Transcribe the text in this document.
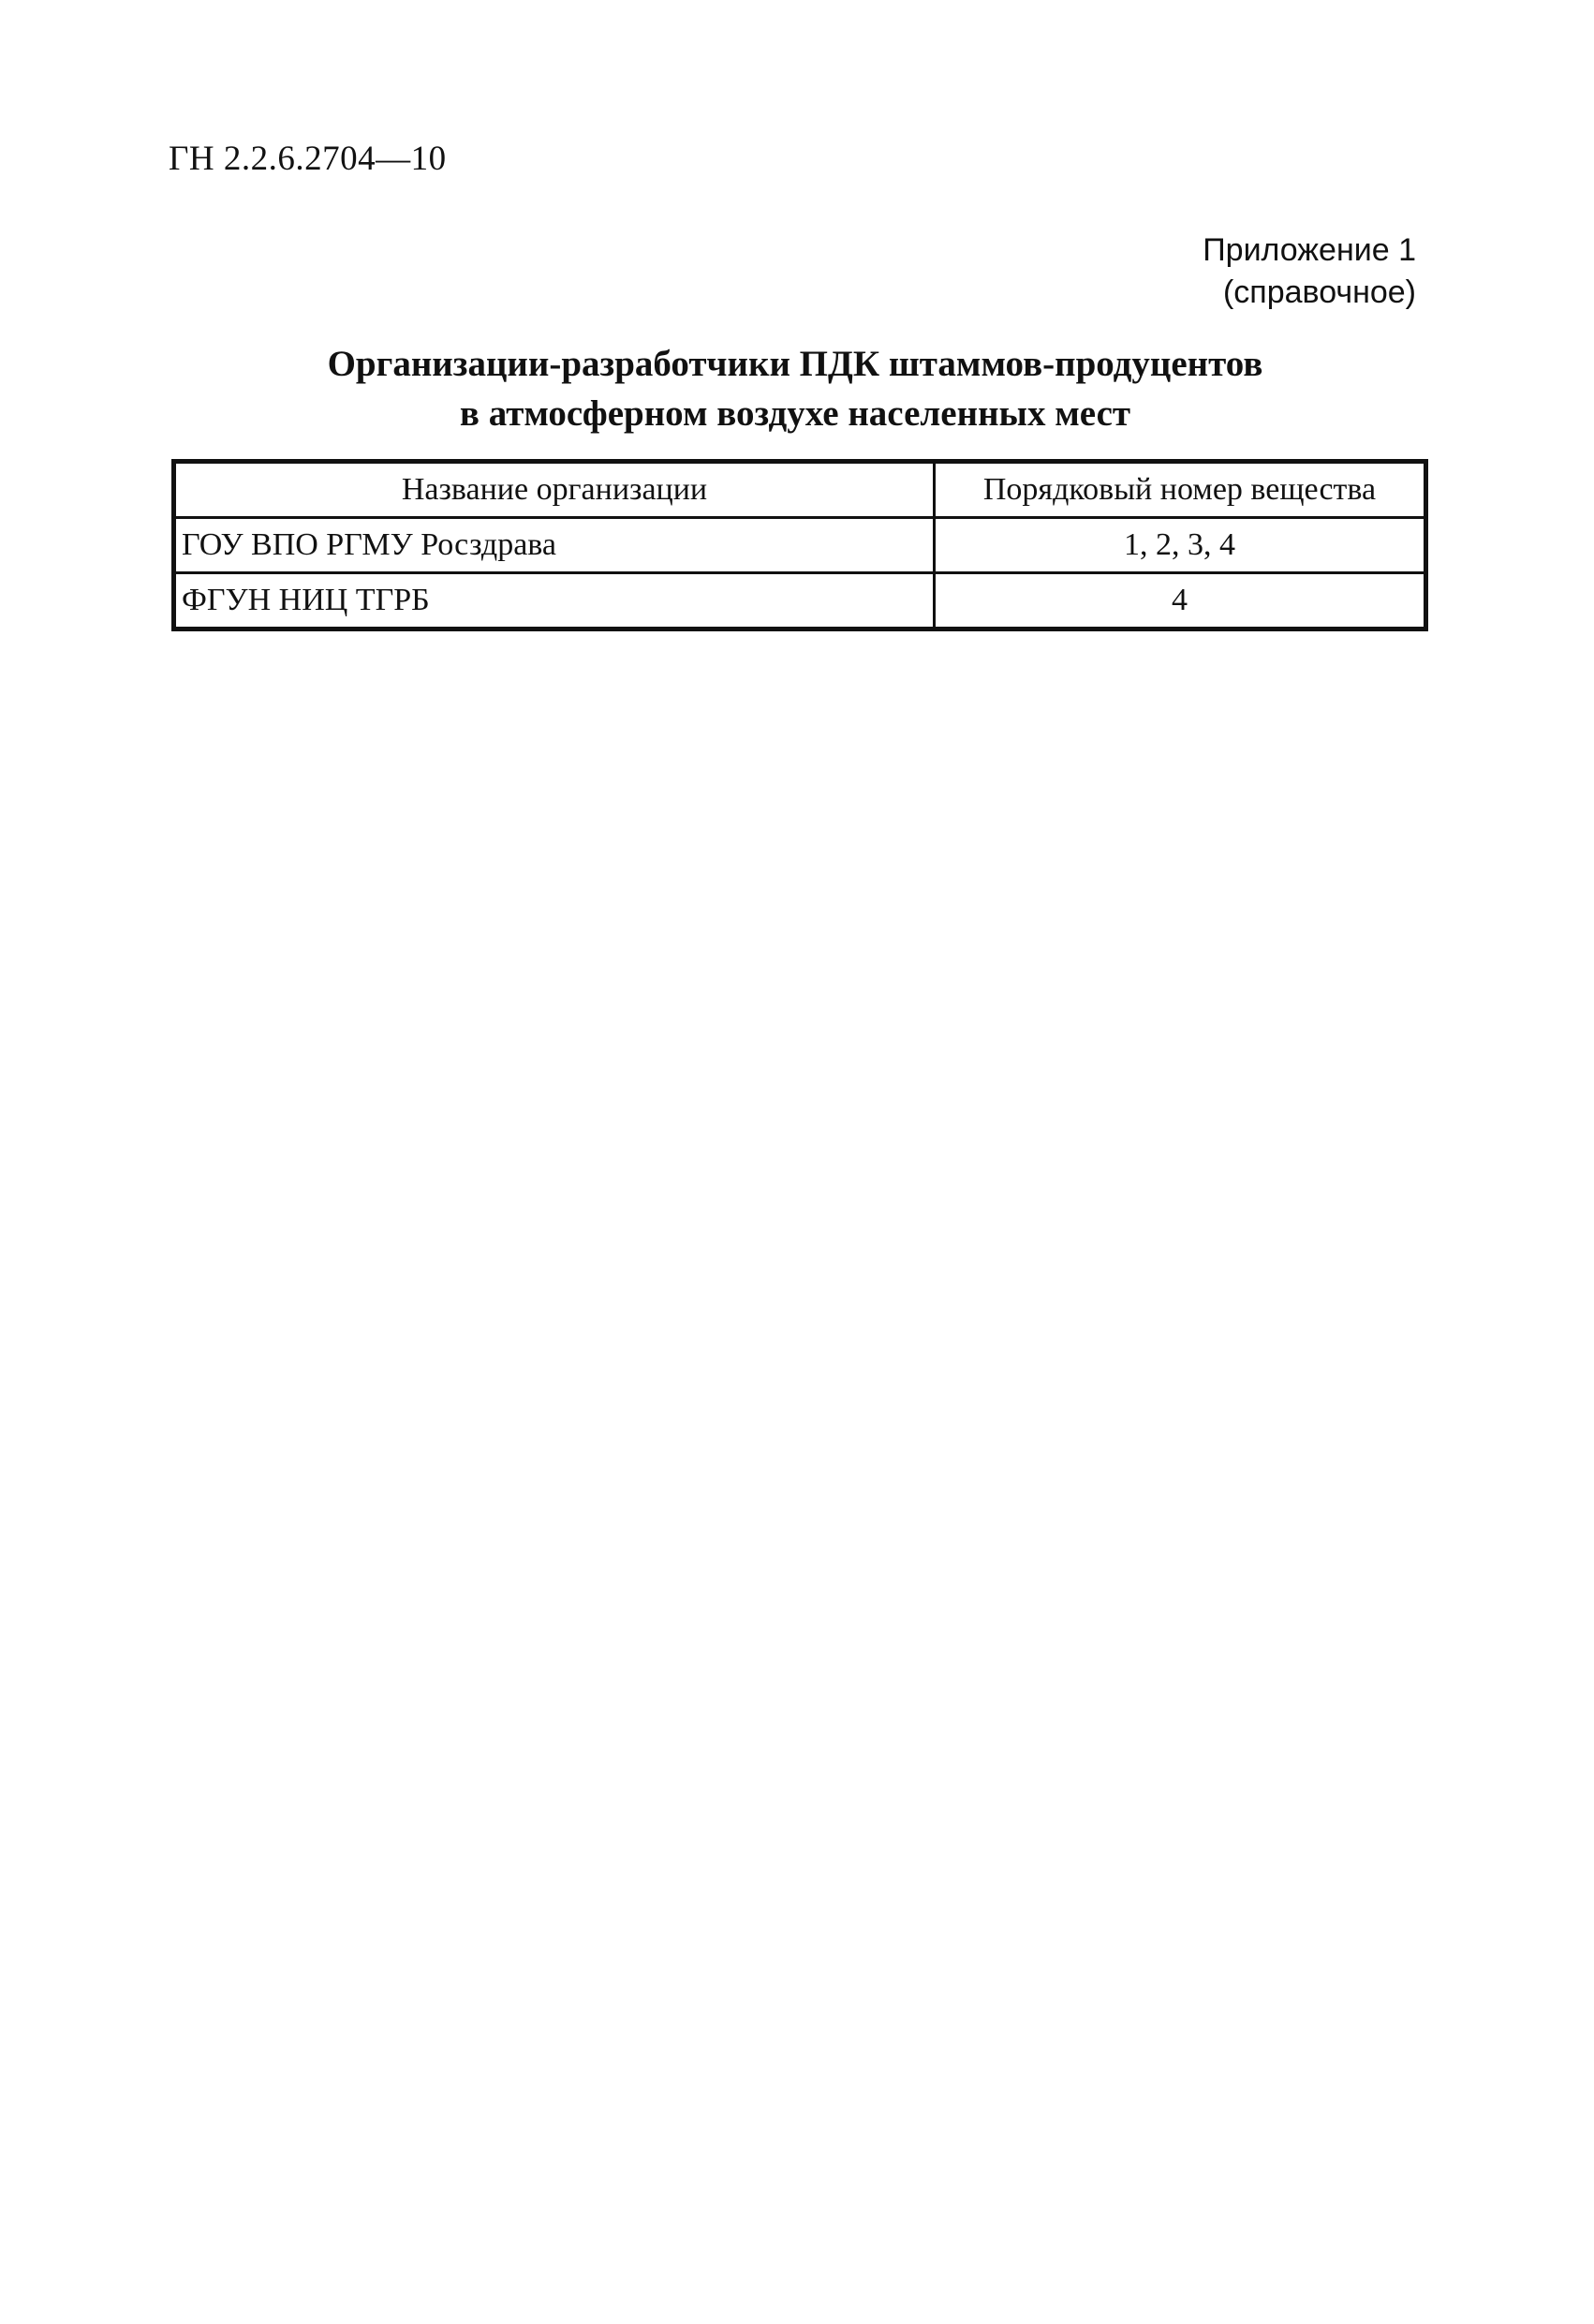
ГН 2.2.6.2704—10
Приложение 1
(справочное)
Организации-разработчики ПДК штаммов-продуцентов
в атмосферном воздухе населенных мест
Название организации	Порядковый номер вещества
ГОУ ВПО РГМУ Росздрава	1, 2, 3, 4
ФГУН НИЦ ТГРБ	4
